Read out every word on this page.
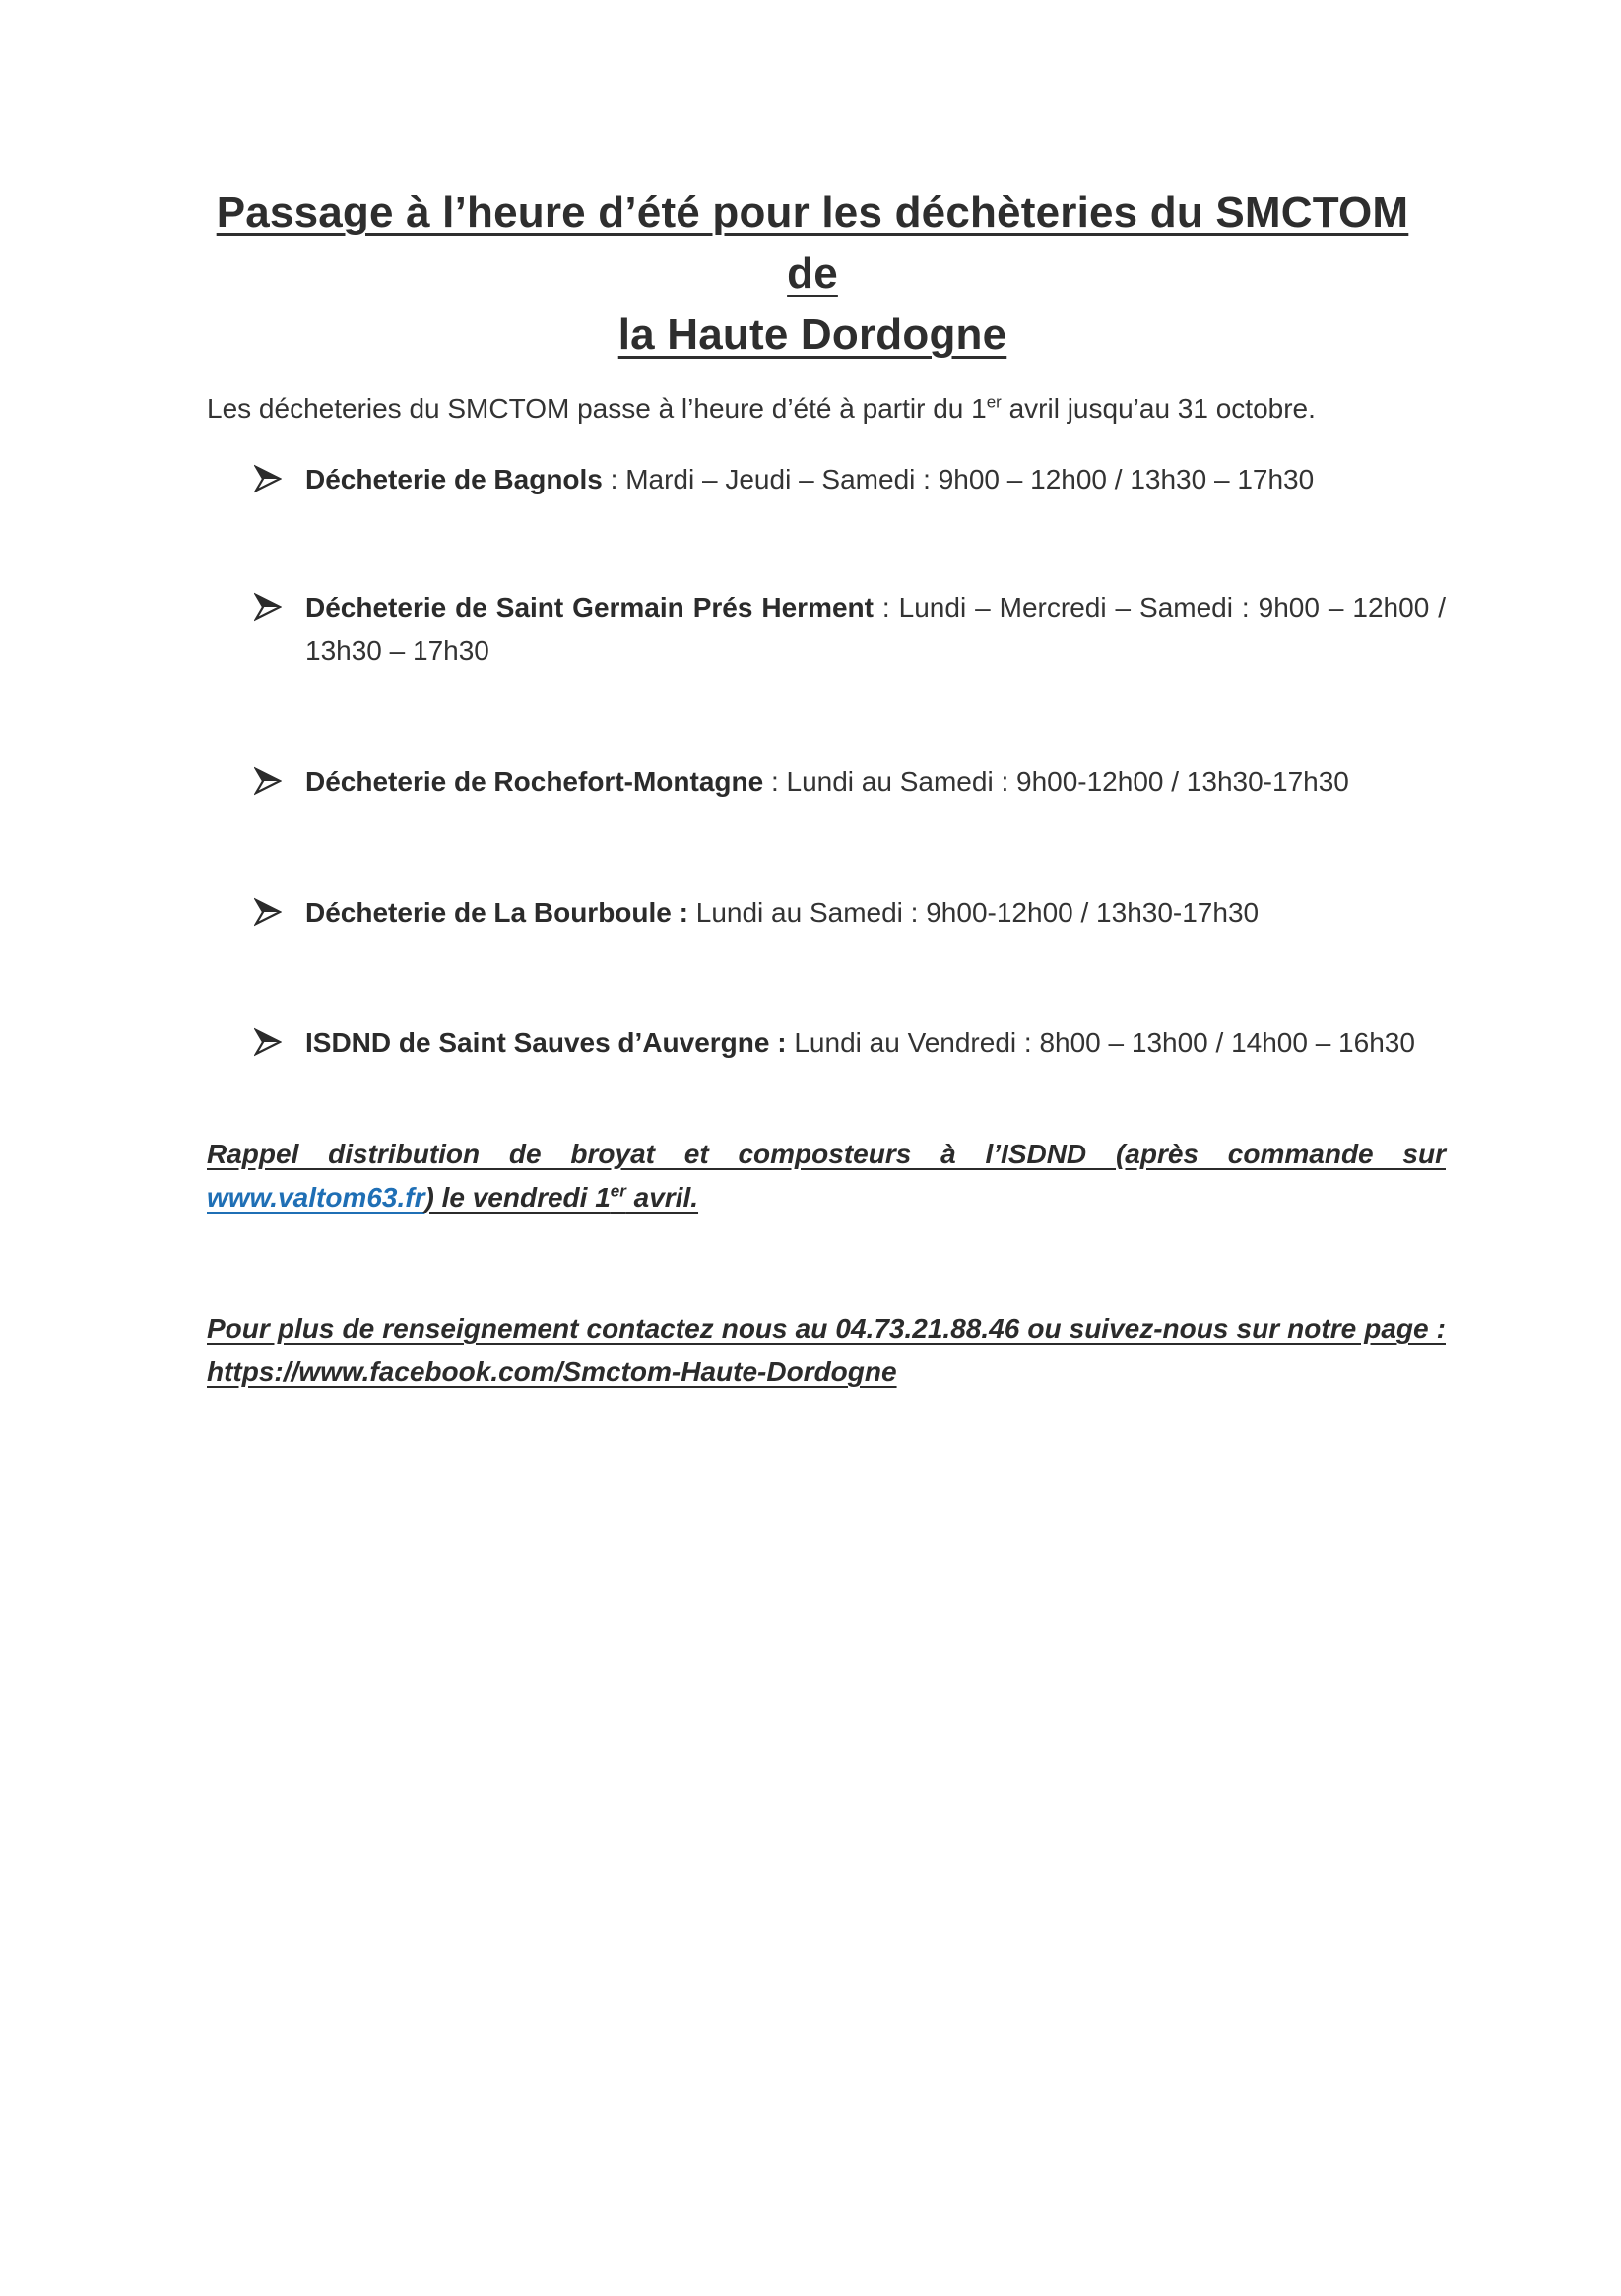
Passage à l’heure d’été pour les déchèteries du SMCTOM de
la Haute Dordogne
Les décheteries du SMCTOM passe à l’heure d’été à partir du 1er avril jusqu’au 31 octobre.
Décheterie de Bagnols : Mardi – Jeudi – Samedi : 9h00 – 12h00 / 13h30 – 17h30
Décheterie de Saint Germain Prés Herment : Lundi – Mercredi – Samedi : 9h00 – 12h00 / 13h30 – 17h30
Décheterie de Rochefort-Montagne : Lundi au Samedi : 9h00-12h00 / 13h30-17h30
Décheterie de La Bourboule : Lundi au Samedi : 9h00-12h00 / 13h30-17h30
ISDND de Saint Sauves d’Auvergne : Lundi au Vendredi : 8h00 – 13h00 / 14h00 – 16h30
Rappel distribution de broyat et composteurs à l’ISDND (après commande sur www.valtom63.fr) le vendredi 1er avril.
Pour plus de renseignement contactez nous au 04.73.21.88.46 ou suivez-nous sur notre page : https://www.facebook.com/Smctom-Haute-Dordogne
